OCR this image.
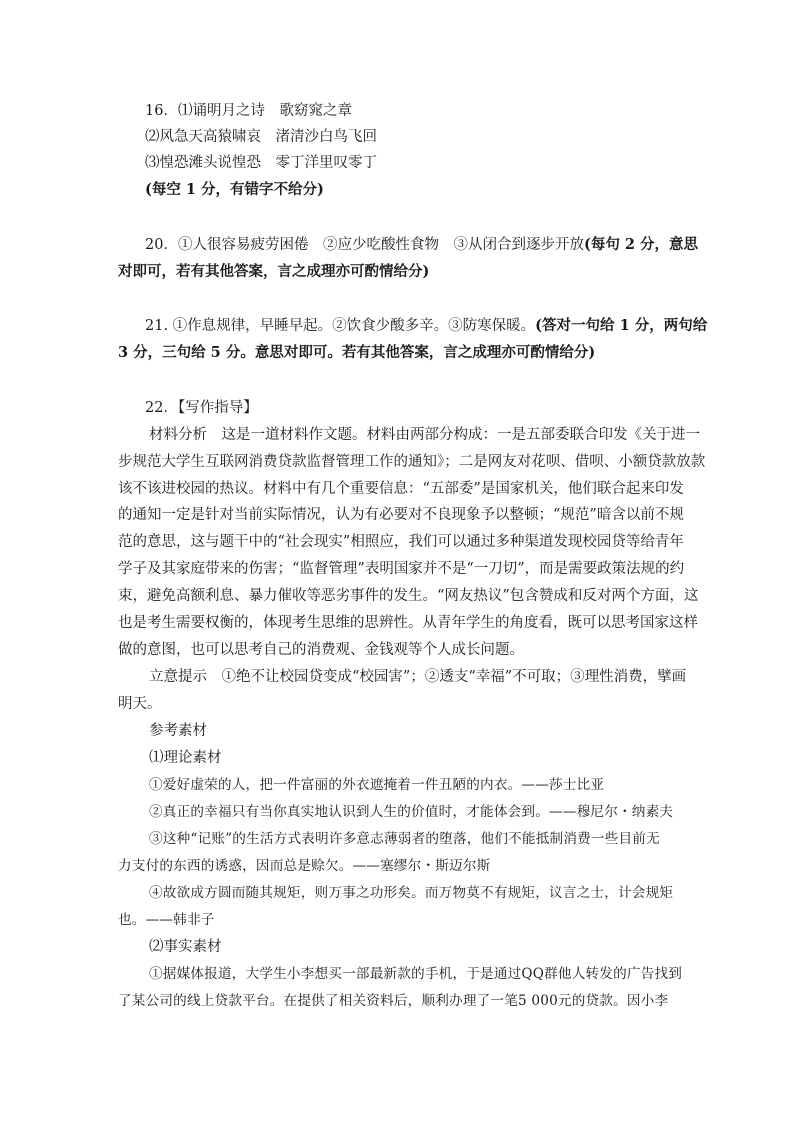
16．⑴诵明月之诗　歌窈窕之章
⑵风急天高猿啸哀　渚清沙白鸟飞回
⑶惶恐滩头说惶恐　零丁洋里叹零丁
(每空 1 分，有错字不给分)
20．①人很容易疲劳困倦　②应少吃酸性食物　③从闭合到逐步开放(每句 2 分，意思
对即可，若有其他答案，言之成理亦可酌情给分)
21. ①作息规律，早睡早起。②饮食少酸多辛。③防寒保暖。(答对一句给 1 分，两句给
3 分，三句给 5 分。意思对即可。若有其他答案，言之成理亦可酌情给分)
22．【写作指导】
材料分析　这是一道材料作文题。材料由两部分构成：一是五部委联合印发《关于进一
步规范大学生互联网消费贷款监督管理工作的通知》；二是网友对花呗、借呗、小额贷款放款
该不该进校园的热议。材料中有几个重要信息：“五部委”是国家机关，他们联合起来印发
的通知一定是针对当前实际情况，认为有必要对不良现象予以整顿；“规范”暗含以前不规
范的意思，这与题干中的“社会现实”相照应，我们可以通过多种渠道发现校园贷等给青年
学子及其家庭带来的伤害；“监督管理”表明国家并不是“一刀切”，而是需要政策法规的约
束，避免高额利息、暴力催收等恶劣事件的发生。“网友热议”包含赞成和反对两个方面，这
也是考生需要权衡的，体现考生思维的思辨性。从青年学生的角度看，既可以思考国家这样
做的意图，也可以思考自己的消费观、金钱观等个人成长问题。
立意提示　①绝不让校园贷变成“校园害”；②透支“幸福”不可取；③理性消费，擘画
明天。
参考素材
⑴理论素材
①爱好虚荣的人，把一件富丽的外衣遮掩着一件丑陋的内衣。——莎士比亚
②真正的幸福只有当你真实地认识到人生的价值时，才能体会到。——穆尼尔・纳素夫
③这种“记账”的生活方式表明许多意志薄弱者的堕落，他们不能抵制消费一些目前无
力支付的东西的诱惑，因而总是赊欠。——塞缪尔・斯迈尔斯
④故欲成方圆而随其规矩，则万事之功形矣。而万物莫不有规矩，议言之士，计会规矩
也。——韩非子
⑵事实素材
①据媒体报道，大学生小李想买一部最新款的手机，于是通过QQ群他人转发的广告找到
了某公司的线上贷款平台。在提供了相关资料后，顺利办理了一笔5 000元的贷款。因小李
